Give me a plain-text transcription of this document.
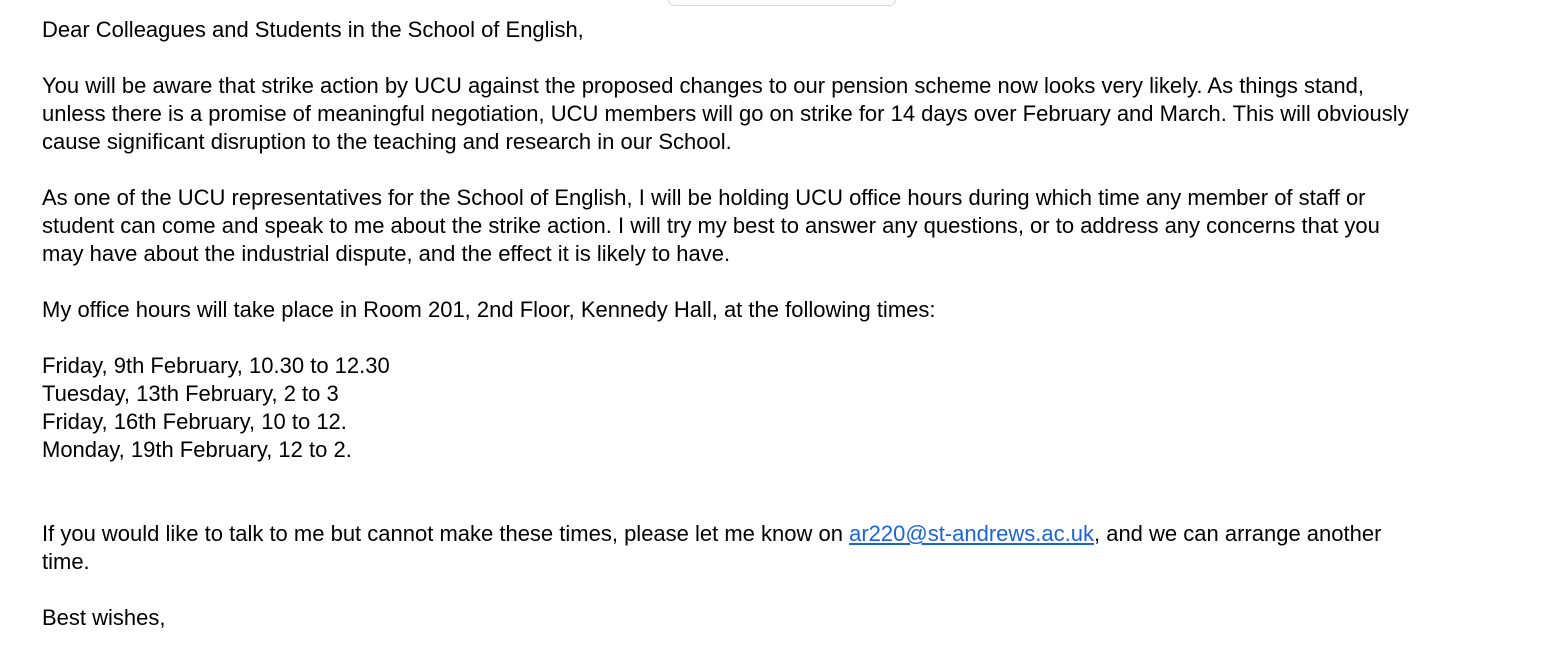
Dear Colleagues and Students in the School of English,

You will be aware that strike action by UCU against the proposed changes to our pension scheme now looks very likely. As things stand,
unless there is a promise of meaningful negotiation, UCU members will go on strike for 14 days over February and March. This will obviously
cause significant disruption to the teaching and research in our School.

As one of the UCU representatives for the School of English, I will be holding UCU office hours during which time any member of staff or
student can come and speak to me about the strike action. I will try my best to answer any questions, or to address any concerns that you
may have about the industrial dispute, and the effect it is likely to have.

My office hours will take place in Room 201, 2nd Floor, Kennedy Hall, at the following times:

Friday, 9th February, 10.30 to 12.30
Tuesday, 13th February, 2 to 3
Friday, 16th February, 10 to 12.
Monday, 19th February, 12 to 2.

If you would like to talk to me but cannot make these times, please let me know on ar220@st-andrews.ac.uk, and we can arrange another
time.

Best wishes,
